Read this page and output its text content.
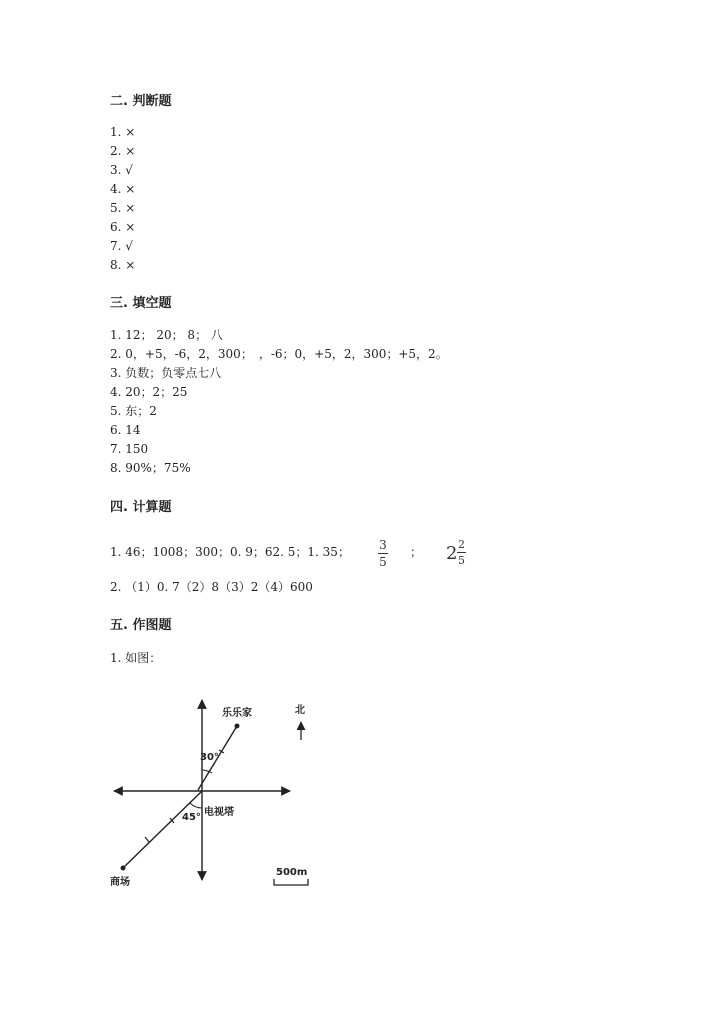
二. 判断题
1. ×
2. ×
3. √
4. ×
5. ×
6. ×
7. √
8. ×
三. 填空题
1. 12； 20； 8； 八
2. 0，+5，-6，2，300；　，-6；0，+5，2，300；+5，2。
3. 负数；负零点七八
4. 20；2；25
5. 东；2
6. 14
7. 150
8. 90%；75%
四. 计算题
1. 46；1008；300；0. 9；62. 5；1. 35； 3
5
； 2 2
5
2. （1）0. 7（2）8（3）2（4）600
五. 作图题
1. 如图：
乐乐家
电视塔
商场
30°
45°
北
500m
